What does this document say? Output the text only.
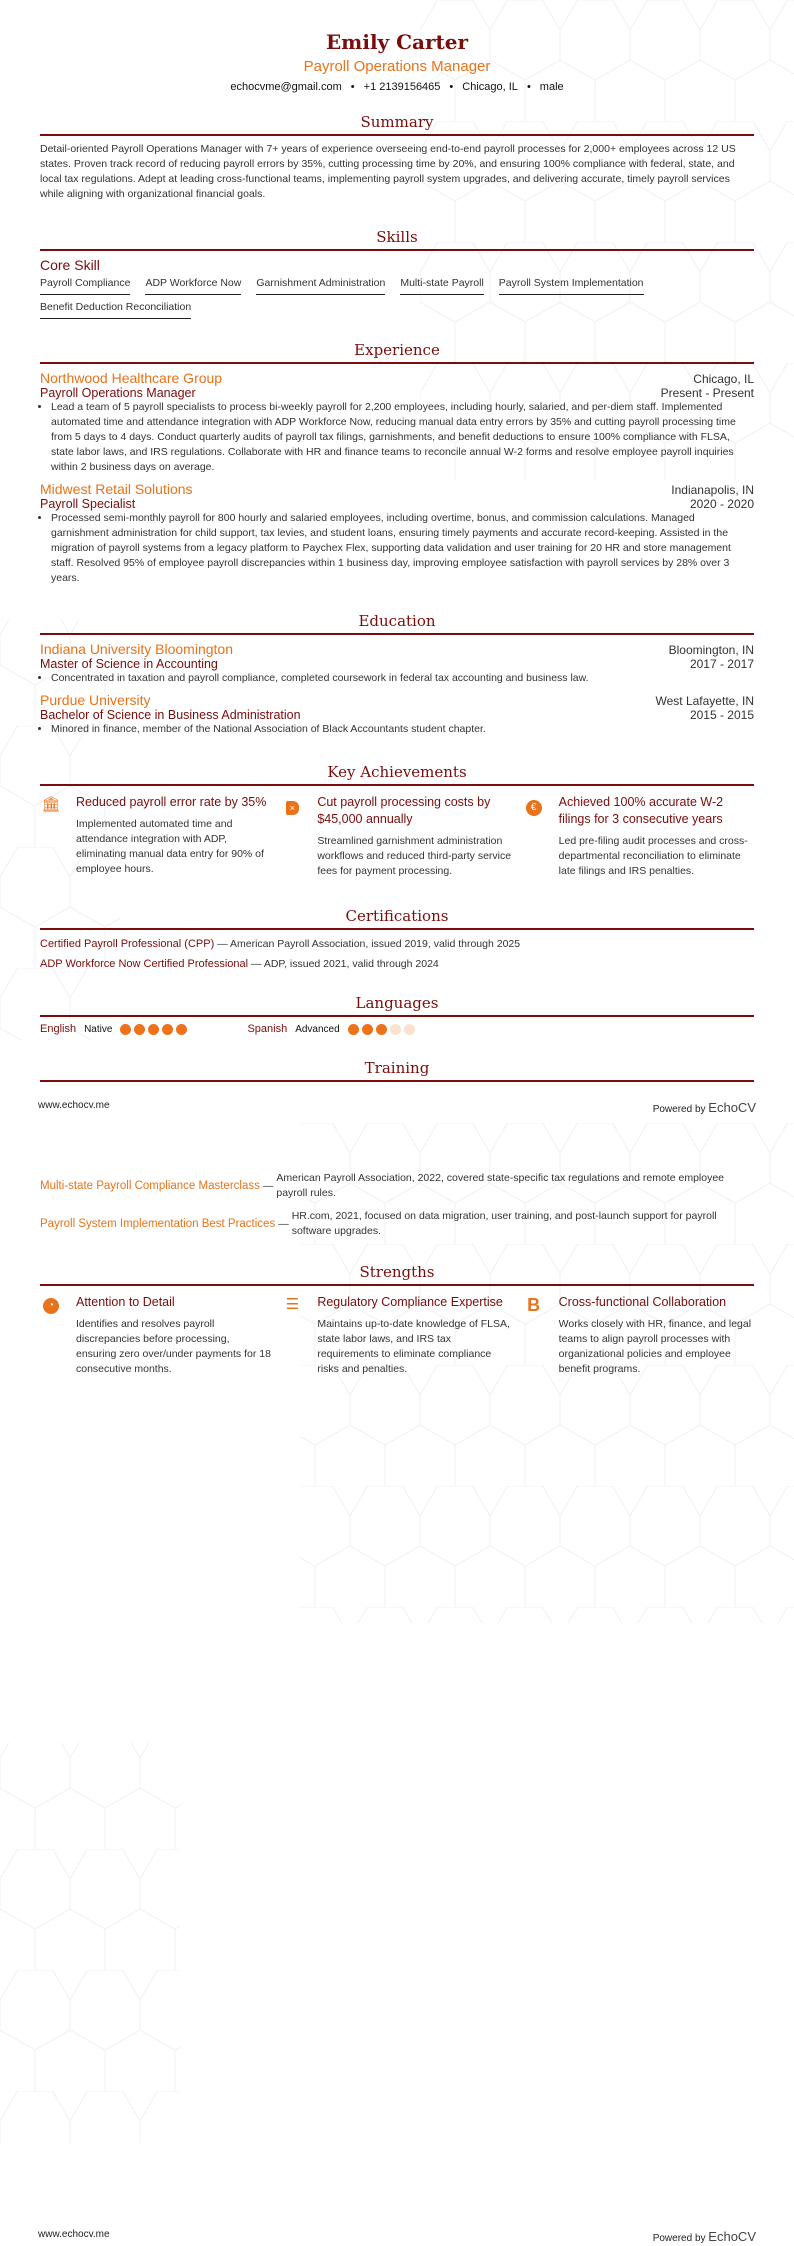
Emily Carter
Payroll Operations Manager
echocvme@gmail.com • +1 2139156465 • Chicago, IL • male
Summary
Detail-oriented Payroll Operations Manager with 7+ years of experience overseeing end-to-end payroll processes for 2,000+ employees across 12 US states. Proven track record of reducing payroll errors by 35%, cutting processing time by 20%, and ensuring 100% compliance with federal, state, and local tax regulations. Adept at leading cross-functional teams, implementing payroll system upgrades, and delivering accurate, timely payroll services while aligning with organizational financial goals.
Skills
Core Skill
Payroll Compliance ADP Workforce Now Garnishment Administration Multi-state Payroll Payroll System Implementation
Benefit Deduction Reconciliation
Experience
Northwood Healthcare Group	Chicago, IL
Payroll Operations Manager	Present - Present
• Lead a team of 5 payroll specialists to process bi-weekly payroll for 2,200 employees, including hourly, salaried, and per-diem staff. Implemented automated time and attendance integration with ADP Workforce Now, reducing manual data entry errors by 35% and cutting payroll processing time from 5 days to 4 days. Conduct quarterly audits of payroll tax filings, garnishments, and benefit deductions to ensure 100% compliance with FLSA, state labor laws, and IRS regulations. Collaborate with HR and finance teams to reconcile annual W-2 forms and resolve employee payroll inquiries within 2 business days on average.
Midwest Retail Solutions	Indianapolis, IN
Payroll Specialist	2020 - 2020
• Processed semi-monthly payroll for 800 hourly and salaried employees, including overtime, bonus, and commission calculations. Managed garnishment administration for child support, tax levies, and student loans, ensuring timely payments and accurate record-keeping. Assisted in the migration of payroll systems from a legacy platform to Paychex Flex, supporting data validation and user training for 20 HR and store management staff. Resolved 95% of employee payroll discrepancies within 1 business day, improving employee satisfaction with payroll services by 28% over 3 years.
Education
Indiana University Bloomington	Bloomington, IN
Master of Science in Accounting	2017 - 2017
• Concentrated in taxation and payroll compliance, completed coursework in federal tax accounting and business law.
Purdue University	West Lafayette, IN
Bachelor of Science in Business Administration	2015 - 2015
• Minored in finance, member of the National Association of Black Accountants student chapter.
Key Achievements
🏛 Reduced payroll error rate by 35%
Implemented automated time and attendance integration with ADP, eliminating manual data entry for 90% of employee hours.
×	Cut payroll processing costs by $45,000 annually
Streamlined garnishment administration workflows and reduced third-party service fees for payment processing.
€	Achieved 100% accurate W-2 filings for 3 consecutive years
Led pre-filing audit processes and cross-departmental reconciliation to eliminate late filings and IRS penalties.
Certifications
Certified Payroll Professional (CPP) — American Payroll Association, issued 2019, valid through 2025
ADP Workforce Now Certified Professional — ADP, issued 2021, valid through 2024
Languages
English Native	Spanish Advanced
Training
www.echocv.me	Powered by EchoCV
Multi-state Payroll Compliance Masterclass —
American Payroll Association, 2022, covered state-specific tax regulations and remote employee payroll rules.
Payroll System Implementation Best Practices —
HR.com, 2021, focused on data migration, user training, and post-launch support for payroll software upgrades.
Strengths
◔	Attention to Detail
Identifies and resolves payroll discrepancies before processing, ensuring zero over/under payments for 18 consecutive months.
☰	Regulatory Compliance Expertise
Maintains up-to-date knowledge of FLSA, state labor laws, and IRS tax requirements to eliminate compliance risks and penalties.
B	Cross-functional Collaboration
Works closely with HR, finance, and legal teams to align payroll processes with organizational policies and employee benefit programs.
www.echocv.me	Powered by EchoCV
